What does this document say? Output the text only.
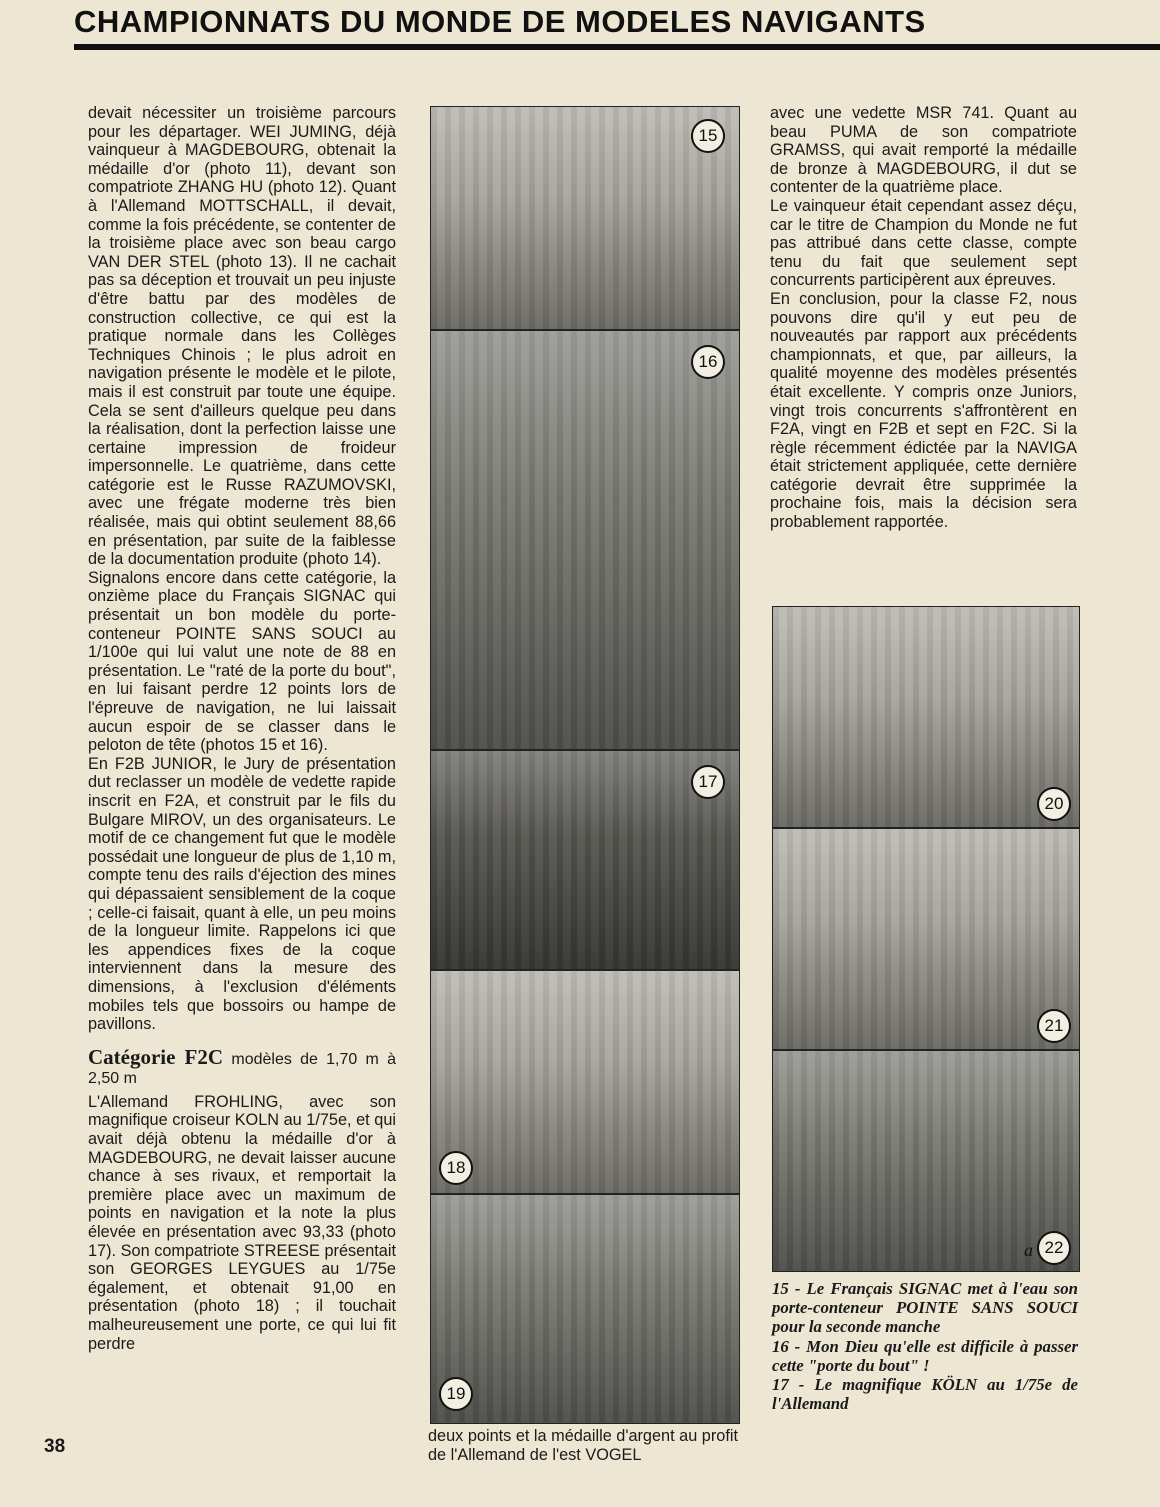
CHAMPIONNATS DU MONDE DE MODELES NAVIGANTS

devait nécessiter un troisième parcours pour les départager. WEI JUMING, déjà vainqueur à MAGDEBOURG, obtenait la médaille d'or (photo 11), devant son compatriote ZHANG HU (photo 12). Quant à l'Allemand MOTTSCHALL, il devait, comme la fois précédente, se contenter de la troisième place avec son beau cargo VAN DER STEL (photo 13). Il ne cachait pas sa déception et trouvait un peu injuste d'être battu par des modèles de construction collective, ce qui est la pratique normale dans les Collèges Techniques Chinois ; le plus adroit en navigation présente le modèle et le pilote, mais il est construit par toute une équipe. Cela se sent d'ailleurs quelque peu dans la réalisation, dont la perfection laisse une certaine impression de froideur impersonnelle. Le quatrième, dans cette catégorie est le Russe RAZUMOVSKI, avec une frégate moderne très bien réalisée, mais qui obtint seulement 88,66 en présentation, par suite de la faiblesse de la documentation produite (photo 14).

Signalons encore dans cette catégorie, la onzième place du Français SIGNAC qui présentait un bon modèle du porte-conteneur POINTE SANS SOUCI au 1/100e qui lui valut une note de 88 en présentation. Le "raté de la porte du bout", en lui faisant perdre 12 points lors de l'épreuve de navigation, ne lui laissait aucun espoir de se classer dans le peloton de tête (photos 15 et 16).

En F2B JUNIOR, le Jury de présentation dut reclasser un modèle de vedette rapide inscrit en F2A, et construit par le fils du Bulgare MIROV, un des organisateurs. Le motif de ce changement fut que le modèle possédait une longueur de plus de 1,10 m, compte tenu des rails d'éjection des mines qui dépassaient sensiblement de la coque ; celle-ci faisait, quant à elle, un peu moins de la longueur limite. Rappelons ici que les appendices fixes de la coque interviennent dans la mesure des dimensions, à l'exclusion d'éléments mobiles tels que bossoirs ou hampe de pavillons.

Catégorie F2C modèles de 1,70 m à 2,50 m

L'Allemand FROHLING, avec son magnifique croiseur KOLN au 1/75e, et qui avait déjà obtenu la médaille d'or à MAGDEBOURG, ne devait laisser aucune chance à ses rivaux, et remportait la première place avec un maximum de points en navigation et la note la plus élevée en présentation avec 93,33 (photo 17). Son compatriote STREESE présentait son GEORGES LEYGUES au 1/75e également, et obtenait 91,00 en présentation (photo 18) ; il touchait malheureusement une porte, ce qui lui fit perdre

15
16
17
18
19
deux points et la médaille d'argent au profit de l'Allemand de l'est VOGEL

avec une vedette MSR 741. Quant au beau PUMA de son compatriote GRAMSS, qui avait remporté la médaille de bronze à MAGDEBOURG, il dut se contenter de la quatrième place.

Le vainqueur était cependant assez déçu, car le titre de Champion du Monde ne fut pas attribué dans cette classe, compte tenu du fait que seulement sept concurrents participèrent aux épreuves.

En conclusion, pour la classe F2, nous pouvons dire qu'il y eut peu de nouveautés par rapport aux précédents championnats, et que, par ailleurs, la qualité moyenne des modèles présentés était excellente. Y compris onze Juniors, vingt trois concurrents s'affrontèrent en F2A, vingt en F2B et sept en F2C. Si la règle récemment édictée par la NAVIGA était strictement appliquée, cette dernière catégorie devrait être supprimée la prochaine fois, mais la décision sera probablement rapportée.

20
21
a 22

15 - Le Français SIGNAC met à l'eau son porte-conteneur POINTE SANS SOUCI pour la seconde manche

16 - Mon Dieu qu'elle est difficile à passer cette "porte du bout" !

17 - Le magnifique KÖLN au 1/75e de l'Allemand

38
